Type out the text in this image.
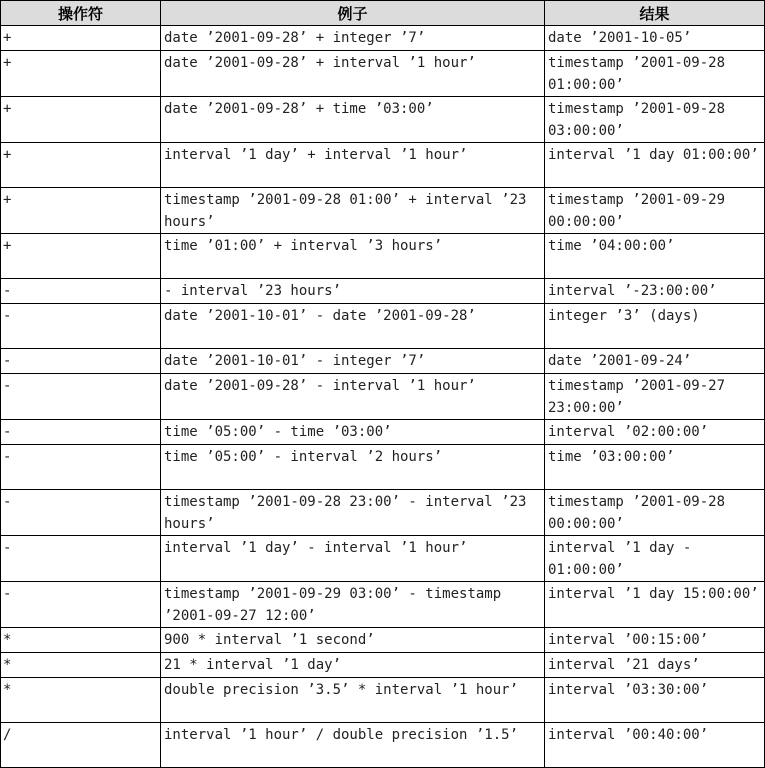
操作符	例子	结果
+	date ’2001-09-28’ + integer ’7’	date ’2001-10-05’
+	date ’2001-09-28’ + interval ’1 hour’	timestamp ’2001-09-28 01:00:00’
+	date ’2001-09-28’ + time ’03:00’	timestamp ’2001-09-28 03:00:00’
+	interval ’1 day’ + interval ’1 hour’	interval ’1 day 01:00:00’
+	timestamp ’2001-09-28 01:00’ + interval ’23 hours’	timestamp ’2001-09-29 00:00:00’
+	time ’01:00’ + interval ’3 hours’	time ’04:00:00’
-	- interval ’23 hours’	interval ’-23:00:00’
-	date ’2001-10-01’ - date ’2001-09-28’	integer ’3’ (days)
-	date ’2001-10-01’ - integer ’7’	date ’2001-09-24’
-	date ’2001-09-28’ - interval ’1 hour’	timestamp ’2001-09-27 23:00:00’
-	time ’05:00’ - time ’03:00’	interval ’02:00:00’
-	time ’05:00’ - interval ’2 hours’	time ’03:00:00’
-	timestamp ’2001-09-28 23:00’ - interval ’23 hours’	timestamp ’2001-09-28 00:00:00’
-	interval ’1 day’ - interval ’1 hour’	interval ’1 day - 01:00:00’
-	timestamp ’2001-09-29 03:00’ - timestamp ’2001-09-27 12:00’	interval ’1 day 15:00:00’
*	900 * interval ’1 second’	interval ’00:15:00’
*	21 * interval ’1 day’	interval ’21 days’
*	double precision ’3.5’ * interval ’1 hour’	interval ’03:30:00’
/	interval ’1 hour’ / double precision ’1.5’	interval ’00:40:00’
